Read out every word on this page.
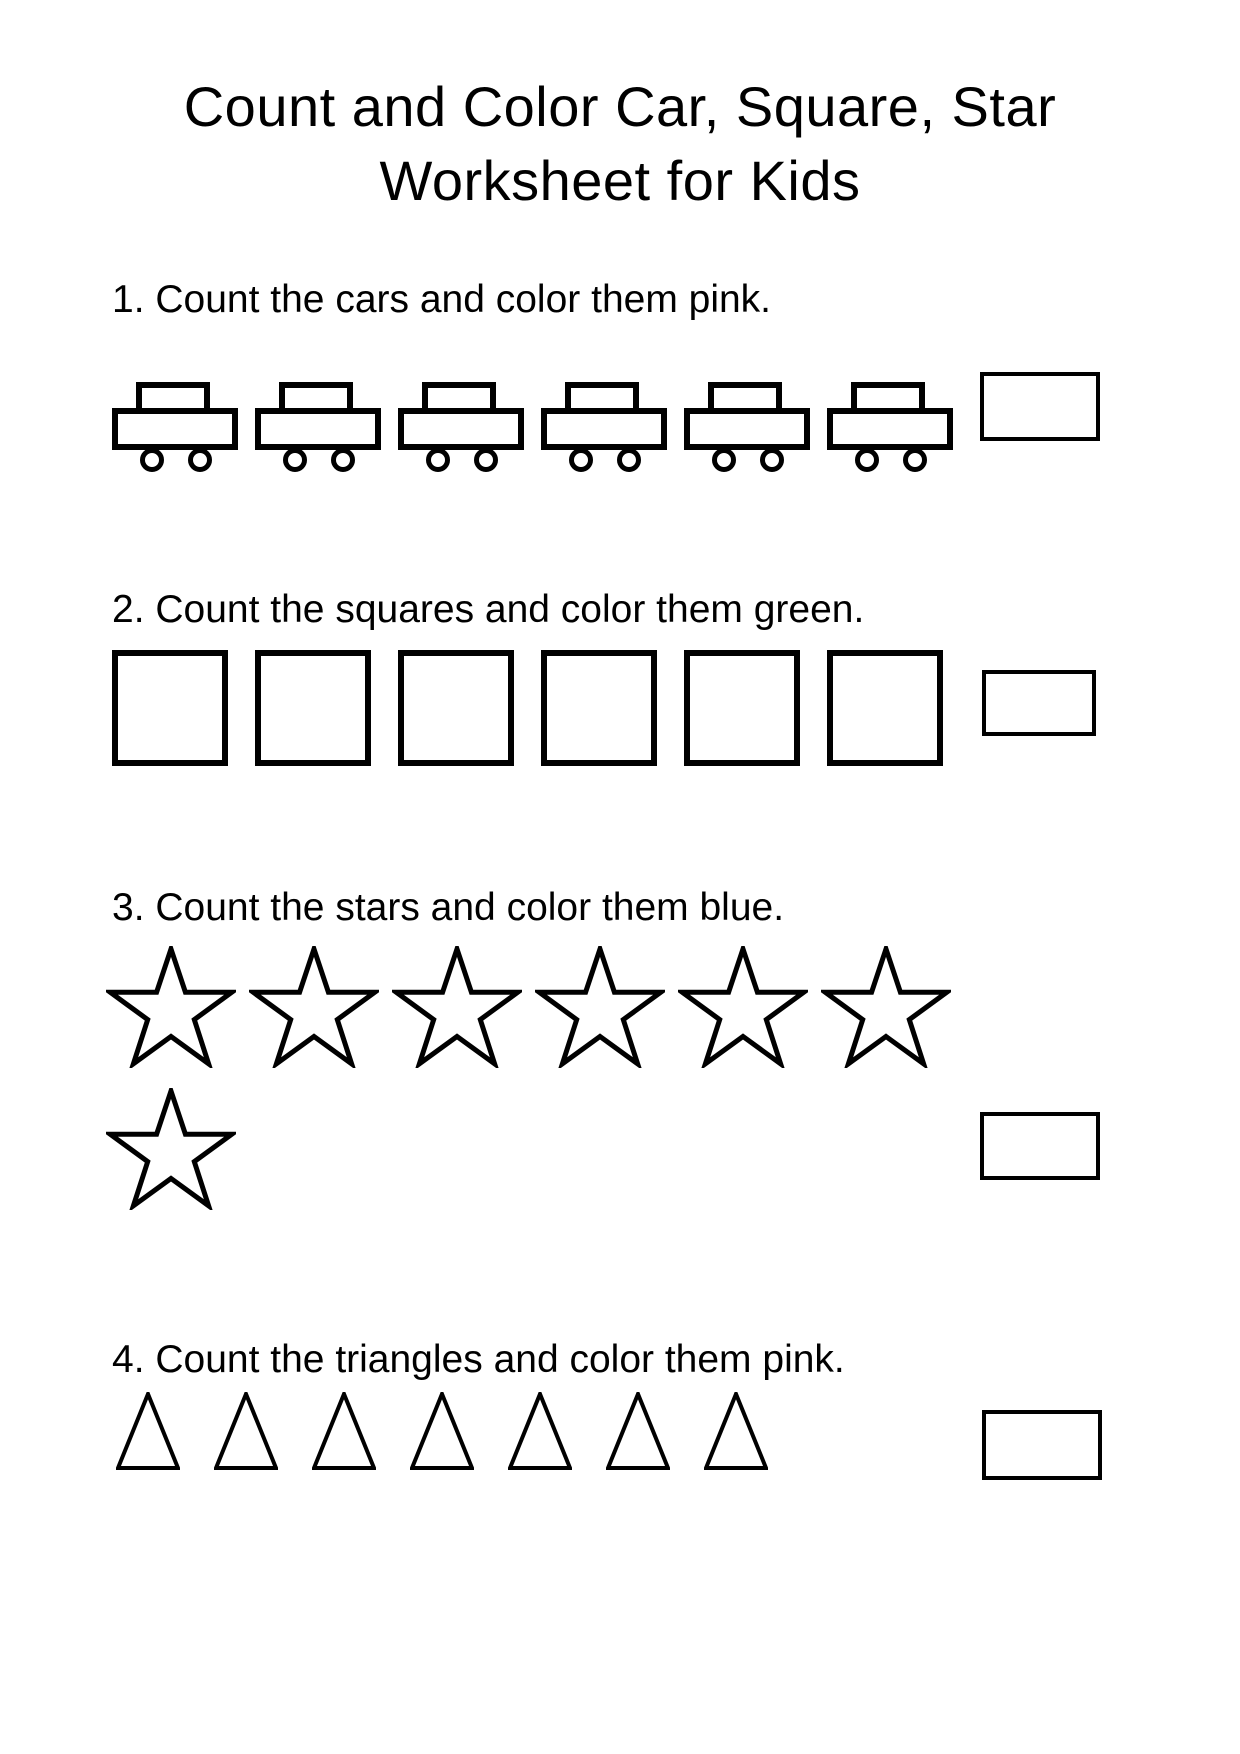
Count and Color Car, Square, Star
Worksheet for Kids
1. Count the cars and color them pink.
2. Count the squares and color them green.
3. Count the stars and color them blue.
4. Count the triangles and color them pink.
